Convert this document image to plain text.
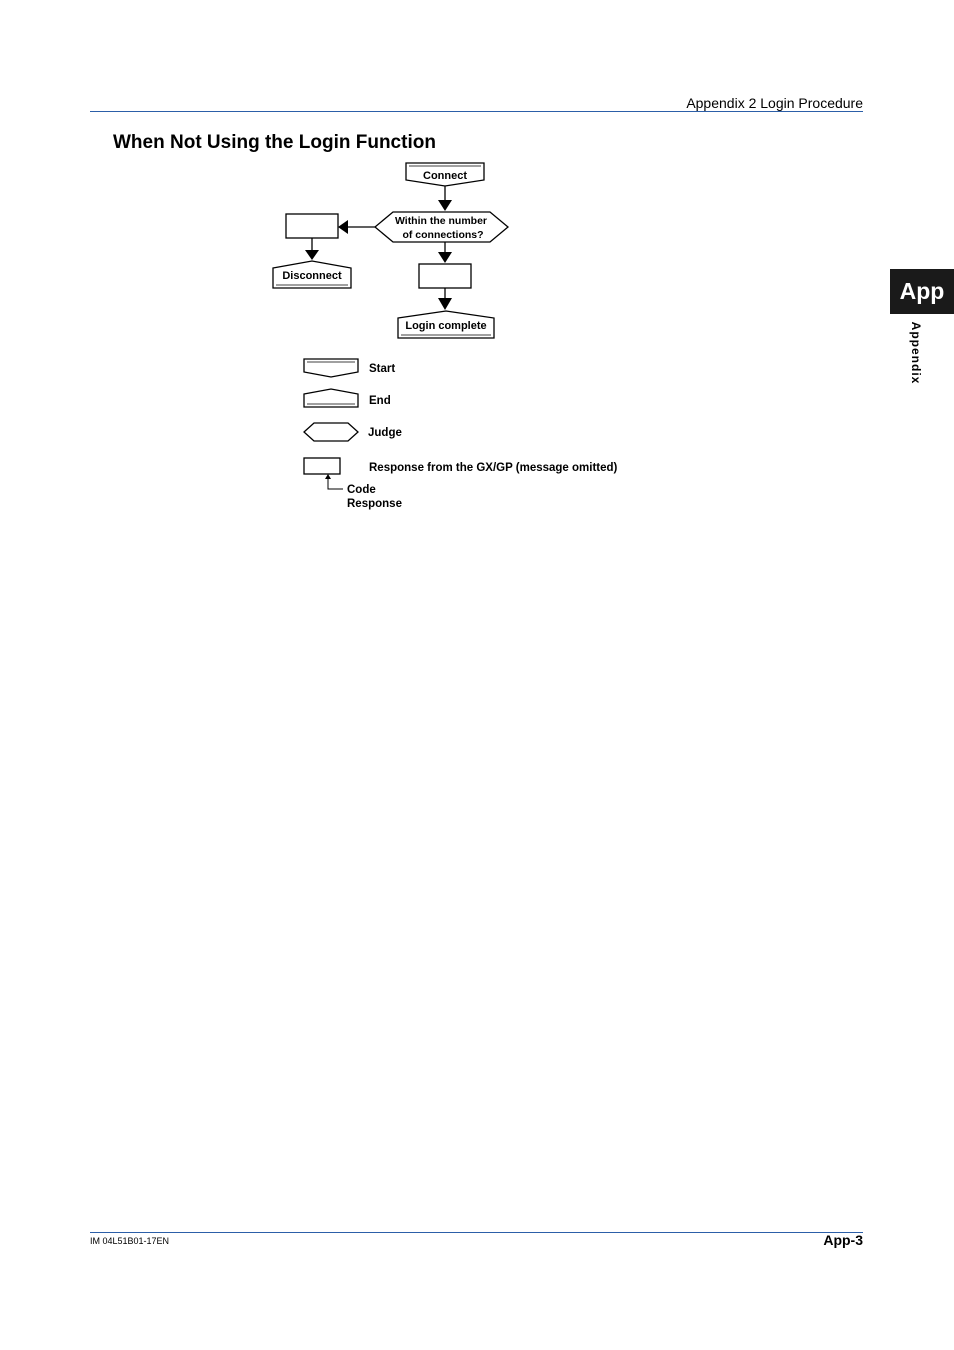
Appendix 2 Login Procedure
When Not Using the Login Function
App
Appendix
Connect
Within the number
of connections?
Disconnect
Login complete
Start
End
Judge
Response from the GX/GP (message omitted)
Code
Response
IM 04L51B01-17EN	App-3
